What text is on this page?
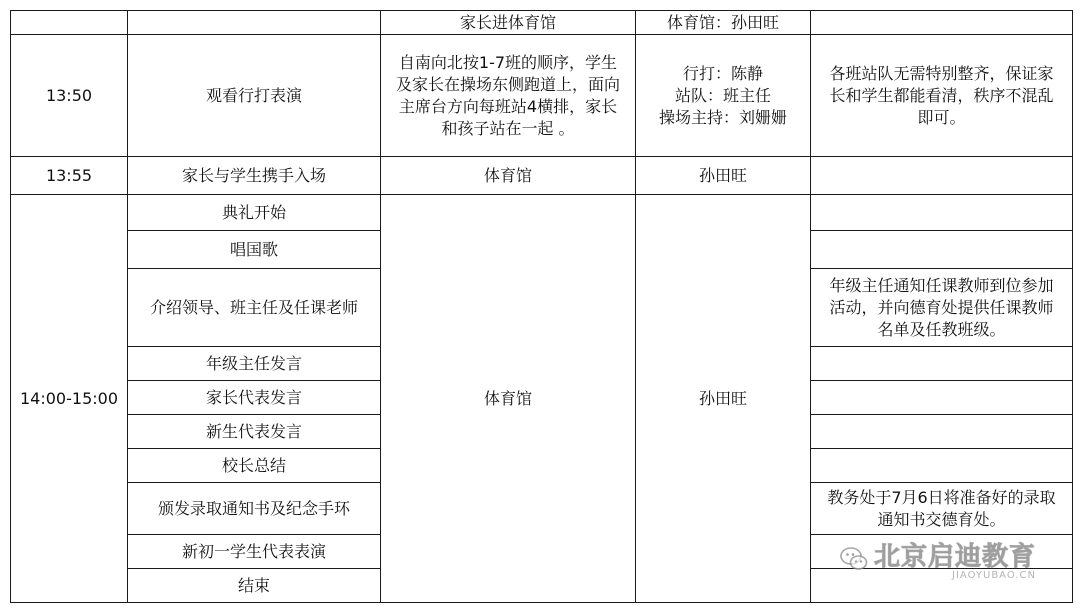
		家长进体育馆	体育馆：孙田旺	

13:50	观看行打表演	自南向北按1-7班的顺序，学生
及家长在操场东侧跑道上，面向
主席台方向每班站4横排，家长
和孩子站在一起 。	行打：陈静
站队：班主任
操场主持：刘姗姗	各班站队无需特别整齐，保证家
长和学生都能看清，秩序不混乱
即可。

13:55	家长与学生携手入场	体育馆	孙田旺	

14:00-15:00	典礼开始	体育馆	孙田旺	

	唱国歌			

	介绍领导、班主任及任课老师			年级主任通知任课教师到位参加
活动，并向德育处提供任课教师
名单及任教班级。

	年级主任发言			

	家长代表发言			

	新生代表发言			

	校长总结			

	颁发录取通知书及纪念手环			教务处于7月6日将准备好的录取
通知书交德育处。

	新初一学生代表表演			

	结束			

北京启迪教育
JIAOYUBAO.CN
